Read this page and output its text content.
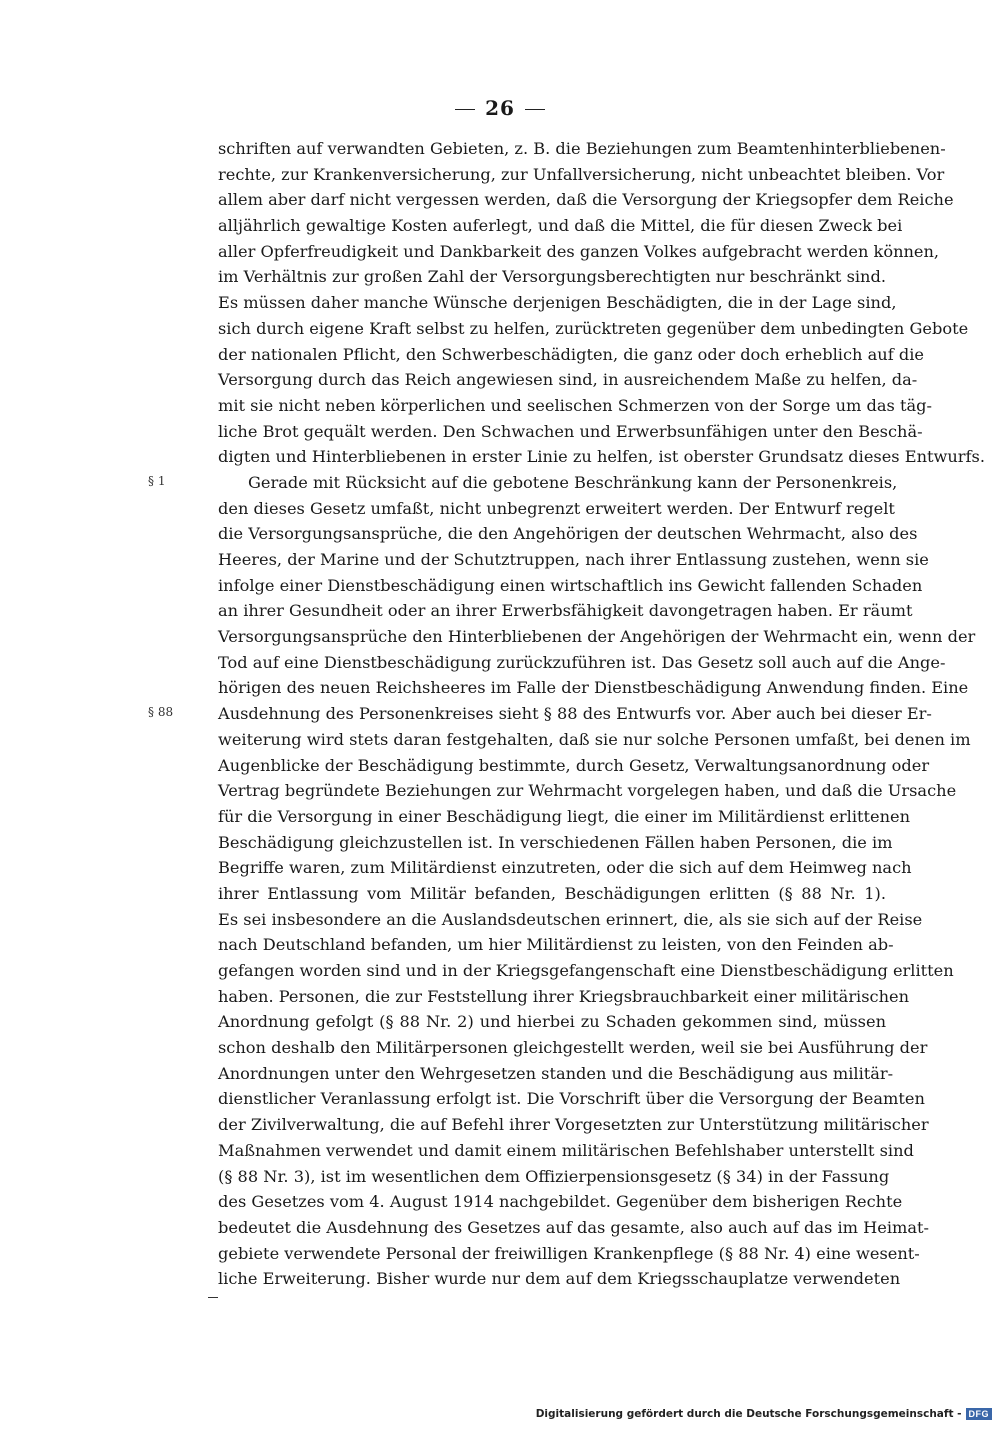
26
§ 1
§ 88
schriften auf verwandten Gebieten, z. B. die Beziehungen zum Beamtenhinterbliebenen-
rechte, zur Krankenversicherung, zur Unfallversicherung, nicht unbeachtet bleiben. Vor
allem aber darf nicht vergessen werden, daß die Versorgung der Kriegsopfer dem Reiche
alljährlich gewaltige Kosten auferlegt, und daß die Mittel, die für diesen Zweck bei
aller Opferfreudigkeit und Dankbarkeit des ganzen Volkes aufgebracht werden können,
im Verhältnis zur großen Zahl der Versorgungsberechtigten nur beschränkt sind.
Es müssen daher manche Wünsche derjenigen Beschädigten, die in der Lage sind,
sich durch eigene Kraft selbst zu helfen, zurücktreten gegenüber dem unbedingten Gebote
der nationalen Pflicht, den Schwerbeschädigten, die ganz oder doch erheblich auf die
Versorgung durch das Reich angewiesen sind, in ausreichendem Maße zu helfen, da-
mit sie nicht neben körperlichen und seelischen Schmerzen von der Sorge um das täg-
liche Brot gequält werden. Den Schwachen und Erwerbsunfähigen unter den Beschä-
digten und Hinterbliebenen in erster Linie zu helfen, ist oberster Grundsatz dieses Entwurfs.
Gerade mit Rücksicht auf die gebotene Beschränkung kann der Personenkreis,
den dieses Gesetz umfaßt, nicht unbegrenzt erweitert werden. Der Entwurf regelt
die Versorgungsansprüche, die den Angehörigen der deutschen Wehrmacht, also des
Heeres, der Marine und der Schutztruppen, nach ihrer Entlassung zustehen, wenn sie
infolge einer Dienstbeschädigung einen wirtschaftlich ins Gewicht fallenden Schaden
an ihrer Gesundheit oder an ihrer Erwerbsfähigkeit davongetragen haben. Er räumt
Versorgungsansprüche den Hinterbliebenen der Angehörigen der Wehrmacht ein, wenn der
Tod auf eine Dienstbeschädigung zurückzuführen ist. Das Gesetz soll auch auf die Ange-
hörigen des neuen Reichsheeres im Falle der Dienstbeschädigung Anwendung finden. Eine
Ausdehnung des Personenkreises sieht § 88 des Entwurfs vor. Aber auch bei dieser Er-
weiterung wird stets daran festgehalten, daß sie nur solche Personen umfaßt, bei denen im
Augenblicke der Beschädigung bestimmte, durch Gesetz, Verwaltungsanordnung oder
Vertrag begründete Beziehungen zur Wehrmacht vorgelegen haben, und daß die Ursache
für die Versorgung in einer Beschädigung liegt, die einer im Militärdienst erlittenen
Beschädigung gleichzustellen ist. In verschiedenen Fällen haben Personen, die im
Begriffe waren, zum Militärdienst einzutreten, oder die sich auf dem Heimweg nach
ihrer Entlassung vom Militär befanden, Beschädigungen erlitten (§ 88 Nr. 1).
Es sei insbesondere an die Auslandsdeutschen erinnert, die, als sie sich auf der Reise
nach Deutschland befanden, um hier Militärdienst zu leisten, von den Feinden ab-
gefangen worden sind und in der Kriegsgefangenschaft eine Dienstbeschädigung erlitten
haben. Personen, die zur Feststellung ihrer Kriegsbrauchbarkeit einer militärischen
Anordnung gefolgt (§ 88 Nr. 2) und hierbei zu Schaden gekommen sind, müssen
schon deshalb den Militärpersonen gleichgestellt werden, weil sie bei Ausführung der
Anordnungen unter den Wehrgesetzen standen und die Beschädigung aus militär-
dienstlicher Veranlassung erfolgt ist. Die Vorschrift über die Versorgung der Beamten
der Zivilverwaltung, die auf Befehl ihrer Vorgesetzten zur Unterstützung militärischer
Maßnahmen verwendet und damit einem militärischen Befehlshaber unterstellt sind
(§ 88 Nr. 3), ist im wesentlichen dem Offizierpensionsgesetz (§ 34) in der Fassung
des Gesetzes vom 4. August 1914 nachgebildet. Gegenüber dem bisherigen Rechte
bedeutet die Ausdehnung des Gesetzes auf das gesamte, also auch auf das im Heimat-
gebiete verwendete Personal der freiwilligen Krankenpflege (§ 88 Nr. 4) eine wesent-
liche Erweiterung. Bisher wurde nur dem auf dem Kriegsschauplatze verwendeten
Digitalisierung gefördert durch die Deutsche Forschungsgemeinschaft - DFG
